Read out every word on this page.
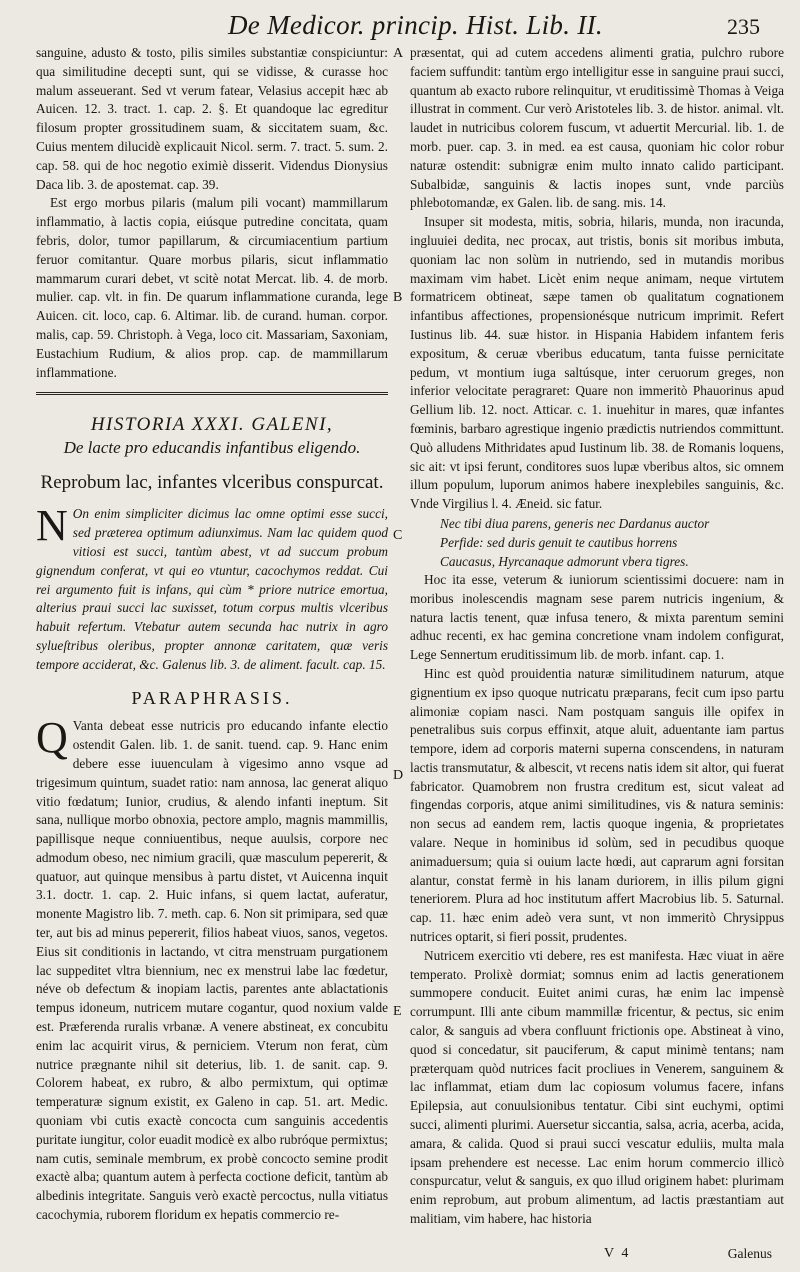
De Medicor. princip. Hist. Lib. II.	235

sanguine, adusto & tosto, pilis similes substantiæ conspiciuntur: qua similitudine decepti sunt, qui se vidisse, & curasse hoc malum asseuerant. Sed vt verum fatear, Velasius accepit hæc ab Auicen. 12. 3. tract. 1. cap. 2. §. Et quandoque lac egreditur filosum propter grossitudinem suam, & siccitatem suam, &c. Cuius mentem dilucidè explicauit Nicol. serm. 7. tract. 5. sum. 2. cap. 58. qui de hoc negotio eximiè disserit. Videndus Dionysius Daca lib. 3. de apostemat. cap. 39.

Est ergo morbus pilaris (malum pili vocant) mammillarum inflammatio, à lactis copia, eiúsque putredine concitata, quam febris, dolor, tumor papillarum, & circumiacentium partium feruor comitantur. Quare morbus pilaris, sicut inflammatio mammarum curari debet, vt scitè notat Mercat. lib. 4. de morb. mulier. cap. vlt. in fin. De quarum inflammatione curanda, lege Auicen. cit. loco, cap. 6. Altimar. lib. de curand. human. corpor. malis, cap. 59. Christoph. à Vega, loco cit. Massariam, Saxoniam, Eustachium Rudium, & alios prop. cap. de mammillarum inflammatione.

HISTORIA XXXI. GALENI,
De lacte pro educandis infantibus eligendo.
Reprobum lac, infantes vlceribus conspurcat.

N On enim simpliciter dicimus lac omne optimi esse succi, sed præterea optimum adiunximus. Nam lac quidem quod vitiosi est succi, tantùm abest, vt ad succum probum gignendum conferat, vt qui eo vtuntur, cacochymos reddat. Cui rei argumento fuit is infans, qui cùm * priore nutrice emortua, alterius praui succi lac suxisset, totum corpus multis vlceribus habuit refertum. Vtebatur autem secunda hac nutrix in agro sylueſtribus oleribus, propter annonæ caritatem, quæ veris tempore acciderat, &c. Galenus lib. 3. de aliment. facult. cap. 15.

PARAPHRASIS.

Q Vanta debeat esse nutricis pro educando infante electio ostendit Galen. lib. 1. de sanit. tuend. cap. 9. Hanc enim debere esse iuuenculam à vigesimo anno vsque ad trigesimum quintum, suadet ratio: nam annosa, lac generat aliquo vitio fœdatum; Iunior, crudius, & alendo infanti ineptum. Sit sana, nullique morbo obnoxia, pectore amplo, magnis mammillis, papillisque neque conniuentibus, neque auulsis, corpore nec admodum obeso, nec nimium gracili, quæ masculum pepererit, & quatuor, aut quinque mensibus à partu distet, vt Auicenna inquit 3.1. doctr. 1. cap. 2. Huic infans, si quem lactat, auferatur, monente Magistro lib. 7. meth. cap. 6. Non sit primipara, sed quæ ter, aut bis ad minus pepererit, filios habeat viuos, sanos, vegetos. Eius sit conditionis in lactando, vt citra menstruam purgationem lac suppeditet vltra biennium, nec ex menstrui labe lac fœdetur, néve ob defectum & inopiam lactis, parentes ante ablactationis tempus idoneum, nutricem mutare cogantur, quod noxium valde est. Præferenda ruralis vrbanæ. A venere abstineat, ex concubitu enim lac acquirit virus, & perniciem. Vterum non ferat, cùm nutrice prægnante nihil sit deterius, lib. 1. de sanit. cap. 9. Colorem habeat, ex rubro, & albo permixtum, qui optimæ temperaturæ signum existit, ex Galeno in cap. 51. art. Medic. quoniam vbi cutis exactè concocta cum sanguinis accedentis puritate iungitur, color euadit modicè ex albo rubróque permixtus; nam cutis, seminale membrum, ex probè concocto semine prodit exactè alba; quantum autem à perfecta coctione deficit, tantùm ab albedinis integritate. Sanguis verò exactè percoctus, nulla vitiatus cacochymia, ruborem floridum ex hepatis commercio re-

A
B
C
D
E

præsentat, qui ad cutem accedens alimenti gratia, pulchro rubore faciem suffundit: tantùm ergo intelligitur esse in sanguine praui succi, quantum ab exacto rubore relinquitur, vt eruditissimè Thomas à Veiga illustrat in comment. Cur verò Aristoteles lib. 3. de histor. animal. vlt. laudet in nutricibus colorem fuscum, vt aduertit Mercurial. lib. 1. de morb. puer. cap. 3. in med. ea est causa, quoniam hic color robur naturæ ostendit: subnigræ enim multo innato calido participant. Subalbidæ, sanguinis & lactis inopes sunt, vnde parciùs phlebotomandæ, ex Galen. lib. de sang. mis. 14.

Insuper sit modesta, mitis, sobria, hilaris, munda, non iracunda, ingluuiei dedita, nec procax, aut tristis, bonis sit moribus imbuta, quoniam lac non solùm in nutriendo, sed in mutandis moribus maximam vim habet. Licèt enim neque animam, neque virtutem formatricem obtineat, sæpe tamen ob qualitatum cognationem infantibus affectiones, propensionésque nutricum imprimit. Refert Iustinus lib. 44. suæ histor. in Hispania Habidem infantem feris expositum, & ceruæ vberibus educatum, tanta fuisse pernicitate pedum, vt montium iuga saltúsque, inter ceruorum greges, non inferior velocitate peragraret: Quare non immeritò Phauorinus apud Gellium lib. 12. noct. Atticar. c. 1. inuehitur in mares, quæ infantes fœminis, barbaro agrestique ingenio prædictis nutriendos committunt. Quò alludens Mithridates apud Iustinum lib. 38. de Romanis loquens, sic ait: vt ipsi ferunt, conditores suos lupæ vberibus altos, sic omnem illum populum, luporum animos habere inexplebiles sanguinis, &c. Vnde Virgilius l. 4. Æneid. sic fatur.

Nec tibi diua parens, generis nec Dardanus auctor
Perfide: sed duris genuit te cautibus horrens
Caucasus, Hyrcanaque admorunt vbera tigres.

Hoc ita esse, veterum & iuniorum scientissimi docuere: nam in moribus inolescendis magnam sese parem nutricis ingenium, & natura lactis tenent, quæ infusa tenero, & mixta parentum semini adhuc recenti, ex hac gemina concretione vnam indolem configurat, Lege Sennertum eruditissimum lib. de morb. infant. cap. 1.

Hinc est quòd prouidentia naturæ similitudinem naturum, atque gignentium ex ipso quoque nutricatu præparans, fecit cum ipso partu alimoniæ copiam nasci. Nam postquam sanguis ille opifex in penetralibus suis corpus effinxit, atque aluit, aduentante iam partus tempore, idem ad corporis materni superna conscendens, in naturam lactis transmutatur, & albescit, vt recens natis idem sit altor, qui fuerat fabricator. Quamobrem non frustra creditum est, sicut valeat ad fingendas corporis, atque animi similitudines, vis & natura seminis: non secus ad eandem rem, lactis quoque ingenia, & proprietates valare. Neque in hominibus id solùm, sed in pecudibus quoque animaduersum; quia si ouium lacte hœdi, aut caprarum agni forsitan alantur, constat fermè in his lanam duriorem, in illis pilum gigni teneriorem. Plura ad hoc institutum affert Macrobius lib. 5. Saturnal. cap. 11. hæc enim adeò vera sunt, vt non immeritò Chrysippus nutrices optarit, si fieri possit, prudentes.

Nutricem exercitio vti debere, res est manifesta. Hæc viuat in aëre temperato. Prolixè dormiat; somnus enim ad lactis generationem summopere conducit. Euitet animi curas, hæ enim lac impensè corrumpunt. Illi ante cibum mammillæ fricentur, & pectus, sic enim calor, & sanguis ad vbera confluunt frictionis ope. Abstineat à vino, quod si concedatur, sit pauciferum, & caput minimè tentans; nam præterquam quòd nutrices facit procliues in Venerem, sanguinem & lac inflammat, etiam dum lac copiosum volumus facere, infans Epilepsia, aut conuulsionibus tentatur. Cibi sint euchymi, optimi succi, alimenti plurimi. Auersetur siccantia, salsa, acria, acerba, acida, amara, & calida. Quod si praui succi vescatur eduliis, multa mala ipsam prehendere est necesse. Lac enim horum commercio illicò conspurcatur, velut & sanguis, ex quo illud originem habet: plurimam enim reprobum, aut probum alimentum, ad lactis præstantiam aut malitiam, vim habere, hac historia

V 4	Galenus
